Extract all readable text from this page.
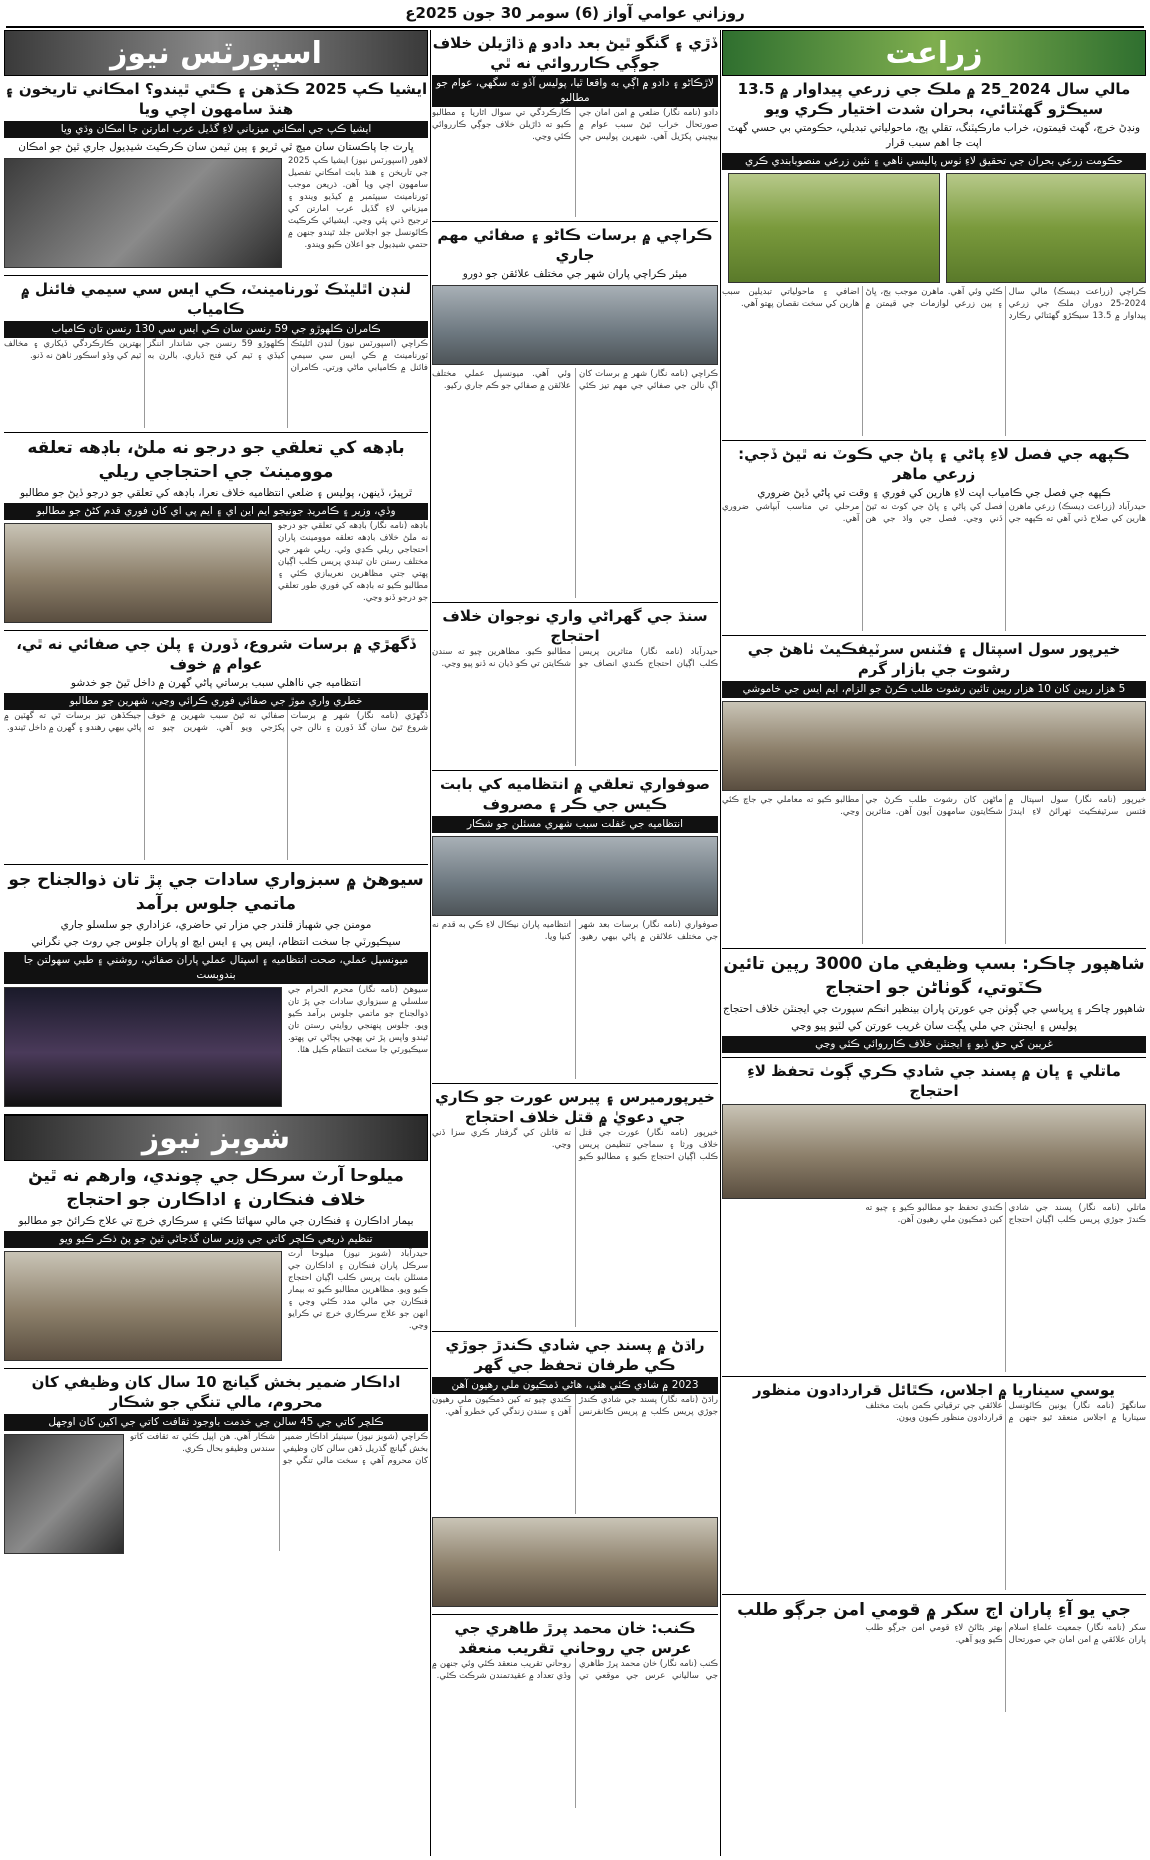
روزاني عوامي آواز (6) سومر 30 جون 2025ع
زراعت
مالي سال 2024_25 ۾ ملڪ جي زرعي پيداوار ۾ 13.5 سيڪڙو گهٽتائي، بحران شدت اختيار ڪري ويو
ونڊڻ خرچ، گهٽ قيمتون، خراب مارڪيٽنگ، تقلي ٻج، ماحولياتي تبديلي، حڪومتي بي حسي گهٽ اپت جا اهم سبب قرار
حڪومت زرعي بحران جي تحقيق لاءِ ٺوس پاليسي ٺاهي ۽ نئين زرعي منصوبابندي ڪري
ڪراچي (زراعت ڊيسڪ) مالي سال 2024-25 دوران ملڪ جي زرعي پيداوار ۾ 13.5 سيڪڙو گهٽتائي رڪارڊ ڪئي وئي آهي. ماهرن موجب ٻج، ڀاڻ ۽ ٻين زرعي لوازمات جي قيمتن ۾ اضافي ۽ ماحولياتي تبديلين سبب هارين کي سخت نقصان پهتو آهي.
ڪپهه جي فصل لاءِ پاڻي ۽ پاڻ جي ڪوٽ نه ٿيڻ ڏجي: زرعي ماهر
ڪپهه جي فصل جي ڪامياب اپت لاءِ هارين کي فوري ۽ وقت تي پاڻي ڏيڻ ضروري
حيدرآباد (زراعت ڊيسڪ) زرعي ماهرن هارين کي صلاح ڏني آهي ته ڪپهه جي فصل کي پاڻي ۽ ڀاڻ جي کوٽ نه ٿيڻ ڏني وڃي. فصل جي واڌ جي هن مرحلي تي مناسب آبپاشي ضروري آهي.
خيرپور سول اسپتال ۽ فٽنس سرٽيفڪيٽ ٺاهڻ جي رشوت جي بازار گرم
5 هزار رپين کان 10 هزار رپين تائين رشوت طلب ڪرڻ جو الزام، ايم ايس جي خاموشي
خيرپور (نامه نگار) سول اسپتال ۾ فٽنس سرٽيفڪيٽ ٺهرائڻ لاءِ ايندڙ ماڻهن کان رشوت طلب ڪرڻ جي شڪايتون سامهون آيون آهن. متاثرين مطالبو ڪيو ته معاملي جي جاچ ڪئي وڃي.
شاهپور چاڪر: بسپ وظيفي مان 3000 رپين تائين ڪٽوتي، گوٺاڻن جو احتجاج
شاهپور چاڪر ۽ ڀرپاسي جي ڳوٺن جي عورتن پاران بينظير انڪم سپورٽ جي ايجنٽن خلاف احتجاج
پوليس ۽ ايجنٽن جي ملي ڀڳت سان غريب عورتن کي لٽيو پيو وڃي
غريبن کي حق ڏيو ۽ ايجنٽن خلاف ڪارروائي ڪئي وڃي
ماتلي ۽ ڀان ۾ پسند جي شادي ڪري ڳوٺ تحفظ لاءِ احتجاج
ماتلي (نامه نگار) پسند جي شادي ڪندڙ جوڙي پريس ڪلب اڳيان احتجاج ڪندي تحفظ جو مطالبو ڪيو ۽ چيو ته کين ڌمڪيون ملي رهيون آهن.
يوسي سيناريا ۾ اجلاس، ڪٿائل قراردادون منظور
سانگهڙ (نامه نگار) يونين ڪائونسل سيناريا ۾ اجلاس منعقد ٿيو جنهن ۾ علائقي جي ترقياتي ڪمن بابت مختلف قراردادون منظور ڪيون ويون.
جي يو آءِ پاران اڄ سکر ۾ قومي امن جرڳو طلب
سکر (نامه نگار) جمعيت علماءِ اسلام پاران علائقي ۾ امن امان جي صورتحال بهتر بڻائڻ لاءِ قومي امن جرڳو طلب ڪيو ويو آهي.
ڏڙي ۽ گنگو ٿيڻ بعد دادو ۾ ڌاڙيلن خلاف جوڳي ڪارروائي نه ٿي
لاڙڪاڻو ۽ دادو ۾ اڳي به واقعا ٿيا، پوليس آڏو نه سگهي، عوام جو مطالبو
دادو (نامه نگار) ضلعي ۾ امن امان جي صورتحال خراب ٿيڻ سبب عوام ۾ بيچيني پکڙيل آهي. شهرين پوليس جي ڪارڪردگي تي سوال اٿاريا ۽ مطالبو ڪيو ته ڌاڙيلن خلاف جوڳي ڪارروائي ڪئي وڃي.
ڪراچي ۾ برسات ڪاڻو ۽ صفائي مهم جاري
ميئر ڪراچي پاران شهر جي مختلف علائقن جو دورو
ڪراچي (نامه نگار) شهر ۾ برسات کان اڳ نالن جي صفائي جي مهم تيز ڪئي وئي آهي. ميونسپل عملي مختلف علائقن ۾ صفائي جو ڪم جاري رکيو.
سنڌ جي گهراڻي واري نوجوان خلاف احتجاج
حيدرآباد (نامه نگار) متاثرين پريس ڪلب اڳيان احتجاج ڪندي انصاف جو مطالبو ڪيو. مظاهرين چيو ته سندن شڪايتن تي ڪو ڌيان نه ڏنو پيو وڃي.
صوفواري تعلقي ۾ انتظاميه کي بابت ڪيس جي ڪر ۽ مصروف
انتظاميه جي غفلت سبب شهري مسئلن جو شڪار
صوفواري (نامه نگار) برسات بعد شهر جي مختلف علائقن ۾ پاڻي بيهي رهيو. انتظاميه پاران نيڪال لاءِ ڪي به قدم نه کنيا ويا.
خيرپورميرس ۽ پيرس عورت جو ڪاري جي دعويٰ ۾ قتل خلاف احتجاج
خيرپور (نامه نگار) عورت جي قتل خلاف ورثا ۽ سماجي تنظيمن پريس ڪلب اڳيان احتجاج ڪيو ۽ مطالبو ڪيو ته قاتلن کي گرفتار ڪري سزا ڏني وڃي.
راڌڻ ۾ پسند جي شادي ڪندڙ جوڙي ڪي طرفان تحفظ جي گهر
2023 ۾ شادي ڪئي هئي، هاڻي ڌمڪيون ملي رهيون آهن
راڌڻ (نامه نگار) پسند جي شادي ڪندڙ جوڙي پريس ڪلب ۾ پريس ڪانفرنس ڪندي چيو ته کين ڌمڪيون ملي رهيون آهن ۽ سندن زندگي کي خطرو آهي.
ڪنب: خان محمد پرڙ طاهري جي عرس جي روحاني تقريب منعقد
ڪنب (نامه نگار) خان محمد پرڙ طاهري جي سالياني عرس جي موقعي تي روحاني تقريب منعقد ڪئي وئي جنهن ۾ وڏي تعداد ۾ عقيدتمندن شرڪت ڪئي.
اسپورٽس نيوز
ايشيا ڪپ 2025 ڪڏهن ۽ ڪٿي ٿيندو؟ امڪاني تاريخون ۽ هنڌ سامهون اچي ويا
ايشيا ڪپ جي امڪاني ميزباني لاءِ گڏيل عرب امارتن جا امڪان وڌي ويا
ڀارت جا پاڪستان سان ميچ ٿي ٿريو ۽ ٻين ٽيمن سان ڪرڪيٽ شيڊيول جاري ٿيڻ جو امڪان
لاهور (اسپورٽس نيوز) ايشيا ڪپ 2025 جي تاريخن ۽ هنڌ بابت امڪاني تفصيل سامهون اچي ويا آهن. ذريعن موجب ٽورنامينٽ سيپٽمبر ۾ کيڏيو ويندو ۽ ميزباني لاءِ گڏيل عرب امارتن کي ترجيح ڏني پئي وڃي. ايشيائي ڪرڪيٽ ڪائونسل جو اجلاس جلد ٿيندو جنهن ۾ حتمي شيڊيول جو اعلان ڪيو ويندو.
لنڊن اٿليٽڪ ٽورنامينٽ، ڪي ايس سي سيمي فائنل ۾ ڪامياب
ڪامران ڪلهوڙو جي 59 رنسن سان ڪي ايس سي 130 رنسن تان ڪامياب
ڪراچي (اسپورٽس نيوز) لنڊن اٿليٽڪ ٽورنامينٽ ۾ ڪي ايس سي سيمي فائنل ۾ ڪاميابي ماڻي ورتي. ڪامران ڪلهوڙو 59 رنسن جي شاندار اننگز کيڏي ۽ ٽيم کي فتح ڏياري. بالرن به بهترين ڪارڪردگي ڏيکاري ۽ مخالف ٽيم کي وڏو اسڪور ٺاهڻ نه ڏنو.
باڊهه کي تعلقي جو درجو نه ملڻ، باڊهه تعلقه موومينٽ جي احتجاجي ريلي
ٿرڀيڙ، ڏينهن، پوليس ۽ ضلعي انتظاميه خلاف نعرا، باڊهه کي تعلقي جو درجو ڏيڻ جو مطالبو
وڏي، وزير ۽ ڪامريڊ جونيجو ايم اين اي ۽ ايم پي اي کان فوري قدم کڻڻ جو مطالبو
باڊهه (نامه نگار) باڊهه کي تعلقي جو درجو نه ملڻ خلاف باڊهه تعلقه موومينٽ پاران احتجاجي ريلي ڪڍي وئي. ريلي شهر جي مختلف رستن تان ٿيندي پريس ڪلب اڳيان پهتي جتي مظاهرين نعريبازي ڪئي ۽ مطالبو ڪيو ته باڊهه کي فوري طور تعلقي جو درجو ڏنو وڃي.
ڏگهڙي ۾ برسات شروع، ڏورن ۽ پلن جي صفائي نه ٿي، عوام ۾ خوف
انتظاميه جي نااهلي سبب برساتي پاڻي گهرن ۾ داخل ٿيڻ جو خدشو
خطري واري موڙ جي صفائي فوري ڪرائي وڃي، شهرين جو مطالبو
ڏگهڙي (نامه نگار) شهر ۾ برسات شروع ٿيڻ سان گڏ ڏورن ۽ نالن جي صفائي نه ٿيڻ سبب شهرين ۾ خوف پکڙجي ويو آهي. شهرين چيو ته جيڪڏهن تيز برسات ٿي ته گهٽين ۾ پاڻي بيهي رهندو ۽ گهرن ۾ داخل ٿيندو.
سيوهڻ ۾ سبزواري سادات جي پڙ تان ذوالجناح جو ماتمي جلوس برآمد
مومنن جي شهباز قلندر جي مزار تي حاضري، عزاداري جو سلسلو جاري
سيڪيورٽي جا سخت انتظام، ايس پي ۽ ايس ايڇ او پاران جلوس جي روٽ جي نگراني
ميونسپل عملي، صحت انتظاميه ۽ اسپتال عملي پاران صفائي، روشني ۽ طبي سهولتن جا بندوبست
سيوهڻ (نامه نگار) محرم الحرام جي سلسلي ۾ سبزواري سادات جي پڙ تان ذوالجناح جو ماتمي جلوس برآمد ڪيو ويو. جلوس پنهنجي روايتي رستن تان ٿيندو واپس پڙ تي پهچي پڄاڻي تي پهتو. سيڪيورٽي جا سخت انتظام ڪيل هئا.
شوبز نيوز
ميلوحا آرٽ سرڪل جي چوندي، وارهم نه ٿيڻ خلاف فنڪارن ۽ اداڪارن جو احتجاج
بيمار اداڪارن ۽ فنڪارن جي مالي سهائتا ڪئي ۽ سرڪاري خرچ تي علاج ڪرائڻ جو مطالبو
تنظيم ذريعي ڪلچر کاتي جي وزير سان گڏجاڻي ٿيڻ جو پڻ ذڪر ڪيو ويو
حيدرآباد (شوبز نيوز) ميلوحا آرٽ سرڪل پاران فنڪارن ۽ اداڪارن جي مسئلن بابت پريس ڪلب اڳيان احتجاج ڪيو ويو. مظاهرين مطالبو ڪيو ته بيمار فنڪارن جي مالي مدد ڪئي وڃي ۽ انهن جو علاج سرڪاري خرچ تي ڪرايو وڃي.
اداڪار ضمير بخش گيانچ 10 سال کان وظيفي کان محروم، مالي تنگي جو شڪار
ڪلچر کاتي جي 45 سالن جي خدمت باوجود ثقافت کاتي جي اکين کان اوجهل
ڪراچي (شوبز نيوز) سينيئر اداڪار ضمير بخش گيانچ گذريل ڏهن سالن کان وظيفي کان محروم آهي ۽ سخت مالي تنگي جو شڪار آهي. هن اپيل ڪئي ته ثقافت کاتو سندس وظيفو بحال ڪري.
